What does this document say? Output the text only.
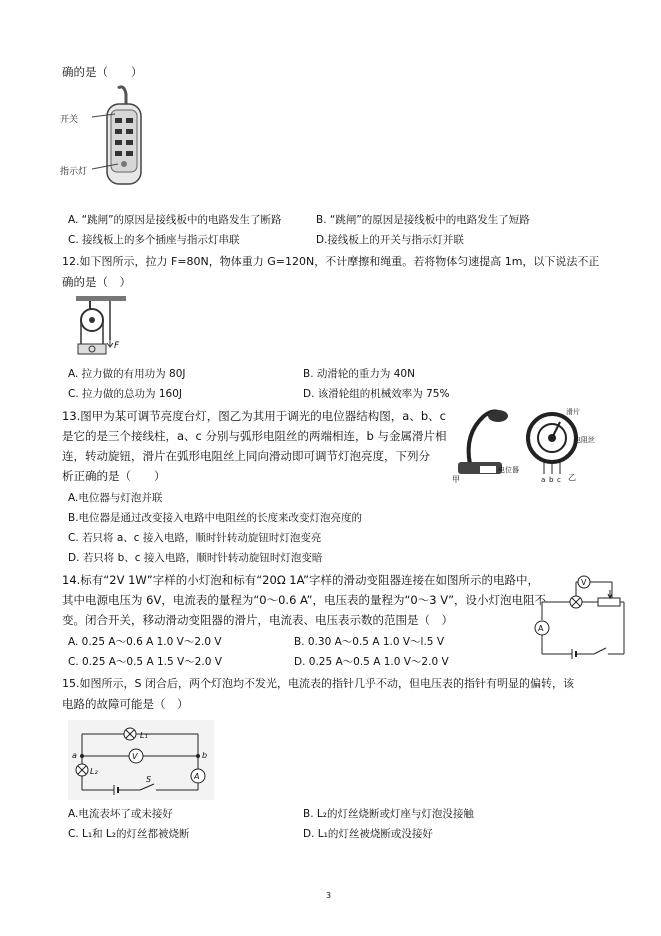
确的是（　　）
开关
指示灯
A. “跳闸”的原因是接线板中的电路发生了断路	B. “跳闸”的原因是接线板中的电路发生了短路
C. 接线板上的多个插座与指示灯串联	D.接线板上的开关与指示灯并联
12.如下图所示，拉力 F=80N，物体重力 G=120N，不计摩擦和绳重。若将物体匀速提高 1m，以下说法不正
确的是（　）
F
A. 拉力做的有用功为 80J	B. 动滑轮的重力为 40N
C. 拉力做的总功为 160J	D. 该滑轮组的机械效率为 75%
13.图甲为某可调节亮度台灯，图乙为其用于调光的电位器结构图，a、b、c
是它的是三个接线柱，a、c 分别与弧形电阻丝的两端相连，b 与金属滑片相
连，转动旋钮，滑片在弧形电阻丝上同向滑动即可调节灯泡亮度，下列分
析正确的是（　　）	甲
电位器
a b c 乙
滑片
电阻丝
A.电位器与灯泡并联
B.电位器是通过改变接入电路中电阻丝的长度来改变灯泡亮度的
C. 若只将 a、c 接入电路，顺时针转动旋钮时灯泡变亮
D. 若只将 b、c 接入电路，顺时针转动旋钮时灯泡变暗
14.标有“2V 1W”字样的小灯泡和标有“20Ω 1A”字样的滑动变阻器连接在如图所示的电路中，
其中电源电压为 6V，电流表的量程为“0～0.6 A”，电压表的量程为“0～3 V”，设小灯泡电阻不
变。闭合开关，移动滑动变阻器的滑片，电流表、电压表示数的范围是（　）
V
A
A. 0.25 A～0.6 A 1.0 V～2.0 V	B. 0.30 A～0.5 A 1.0 V～l.5 V
C. 0.25 A～0.5 A 1.5 V～2.0 V	D. 0.25 A～0.5 A 1.0 V～2.0 V
15.如图所示，S 闭合后，两个灯泡均不发光，电流表的指针几乎不动，但电压表的指针有明显的偏转，该
电路的故障可能是（　）
L₁
V
a	b
L₂
A
S
A.电流表坏了或未接好	B. L₂的灯丝烧断或灯座与灯泡没接触
C. L₁和 L₂的灯丝都被烧断	D. L₁的灯丝被烧断或没接好
3
